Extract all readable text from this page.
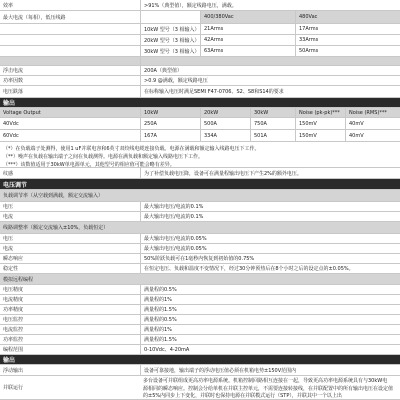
效率	>91%（典型值），额定线路电压，满载。
最大电流（每相），低压线路	400/380Vac	480Vac
10kW 型号（3 相输入） 21Arms	17Arms
20kW 型号（3 相输入） 42Arms	33Arms
30kW 型号（3 相输入） 63Arms	50Arms
浮击电流	200A（典型值）
功率因数	>0.9 @满载，额定线路电压
电压跌落	在标称输入电压时满足SEMI F47-0706、S2、S8和S14的要求
输出
Voltage Output	10kW	20kW	30kW	Noise (pk-pk)***	Noise (RMS)***
40Vdc	250A	500A	750A	150mV	40mV
60Vdc	167A	334A	501A	150mV	40mV
（*）在负载端子处测得，使用1 uF并联电容和6英寸双绞线电缆连接负载。电源在满载和额定输入线路电压下工作。
（**）噪声在负载在输出端子之间在负载测得。电源在满负载和额定输入线路电压下工作。
（***）该数值适用于30kW单电源单元，其他型号的相应值可能会略有差异。
纹感	为了补偿负载电压降，设备可在满量程输出电压下产生2%的额外电压。
电压调节
负载调节率（从空载到满载，额定交流输入）
电压	最大输出电压/电流的0.1%
电流	最大输出电压/电流的0.1%
线路调整率（额定交流输入±10%，负载恒定）
电压	最大输出电压/电流的0.05%
电流	最大输出电压/电流的0.05%
瞬态响应	50%阶跃负载可在1毫秒内恢复到初始值的0.75%
稳定性	在恒定电压、负载和温度不变情况下，经过30分钟预热后在8个小时之后的设定点的±0.05%。
模拟远程编程
电压精度	满量程的0.5%
电流精度	满量程的1%
功率精度	满量程的1.5%
电压监控	满量程的0.5%
电流监控	满量程的1%
功率监控	满量程的1.5%
编程范围	0-10Vdc、4-20mA
输出
浮动输出	设备可靠接地，输出端子的浮动电压值必须在机箱电势±150V范围内
并联运行
多台设备可并联组成更高功率电源系统。机箱控制回路相互连接在一起，导致更高功率电源系统具有与30kW电
源相同的瞬态响应。控制会分给单机在并联主控单元，不需要连接转接线，在并联配置中的所有输出电压在设定值
的±5%内同步上下变化，并联时也保持电源在并联模式运行（STP），并联其中一个以上出
